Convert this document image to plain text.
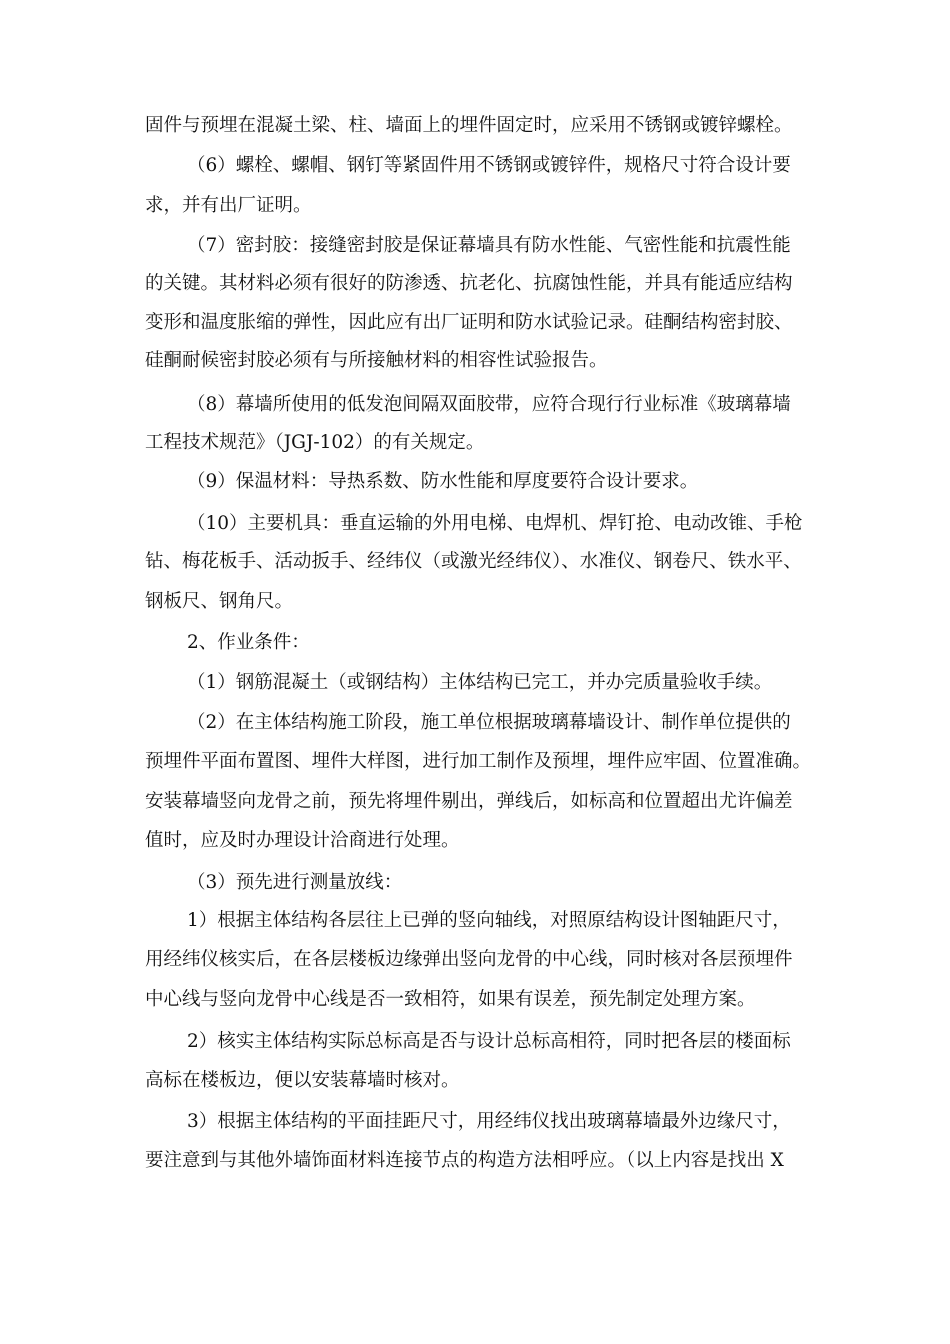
固件与预埋在混凝土梁、柱、墙面上的埋件固定时，应采用不锈钢或镀锌螺栓。
（6）螺栓、螺帽、钢钉等紧固件用不锈钢或镀锌件，规格尺寸符合设计要
求，并有出厂证明。
（7）密封胶：接缝密封胶是保证幕墙具有防水性能、气密性能和抗震性能
的关键。其材料必须有很好的防渗透、抗老化、抗腐蚀性能，并具有能适应结构
变形和温度胀缩的弹性，因此应有出厂证明和防水试验记录。硅酮结构密封胶、
硅酮耐候密封胶必须有与所接触材料的相容性试验报告。
（8）幕墙所使用的低发泡间隔双面胶带，应符合现行行业标准《玻璃幕墙
工程技术规范》（JGJ-102）的有关规定。
（9）保温材料：导热系数、防水性能和厚度要符合设计要求。
（10）主要机具：垂直运输的外用电梯、电焊机、焊钉抢、电动改锥、手枪
钻、梅花板手、活动扳手、经纬仪（或激光经纬仪）、水准仪、钢卷尺、铁水平、
钢板尺、钢角尺。
2、作业条件：
（1）钢筋混凝土（或钢结构）主体结构已完工，并办完质量验收手续。
（2）在主体结构施工阶段，施工单位根据玻璃幕墙设计、制作单位提供的
预埋件平面布置图、埋件大样图，进行加工制作及预埋，埋件应牢固、位置准确。
安装幕墙竖向龙骨之前，预先将埋件剔出，弹线后，如标高和位置超出尤许偏差
值时，应及时办理设计洽商进行处理。
（3）预先进行测量放线：
1）根据主体结构各层往上已弹的竖向轴线，对照原结构设计图轴距尺寸，
用经纬仪核实后，在各层楼板边缘弹出竖向龙骨的中心线，同时核对各层预埋件
中心线与竖向龙骨中心线是否一致相符，如果有误差，预先制定处理方案。
2）核实主体结构实际总标高是否与设计总标高相符，同时把各层的楼面标
高标在楼板边，便以安装幕墙时核对。
3）根据主体结构的平面挂距尺寸，用经纬仪找出玻璃幕墙最外边缘尺寸，
要注意到与其他外墙饰面材料连接节点的构造方法相呼应。（以上内容是找出 X
